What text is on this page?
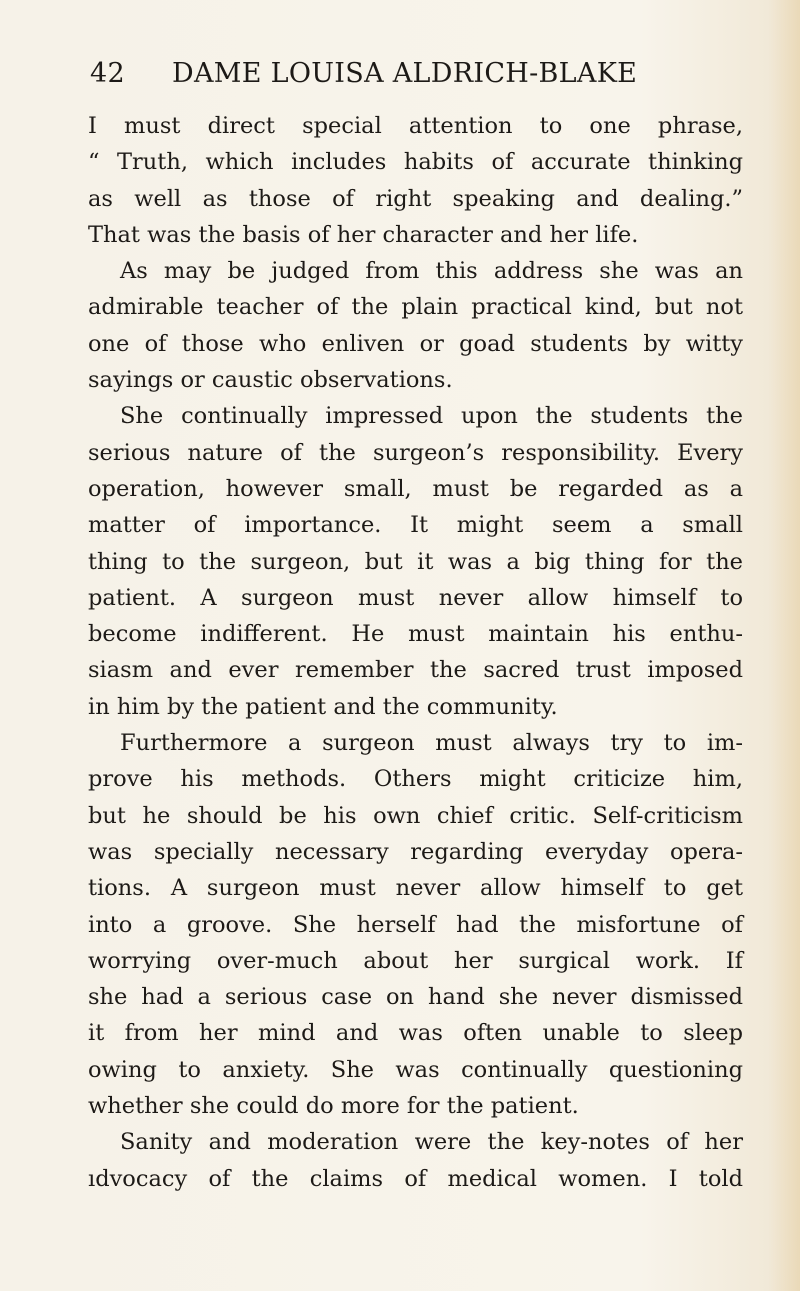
42 DAME LOUISA ALDRICH-BLAKE
I must direct special attention to one phrase,
“ Truth, which includes habits of accurate thinking
as well as those of right speaking and dealing.”
That was the basis of her character and her life.
As may be judged from this address she was an
admirable teacher of the plain practical kind, but not
one of those who enliven or goad students by witty
sayings or caustic observations.
She continually impressed upon the students the
serious nature of the surgeon’s responsibility. Every
operation, however small, must be regarded as a
matter of importance. It might seem a small
thing to the surgeon, but it was a big thing for the
patient. A surgeon must never allow himself to
become indifferent. He must maintain his enthu-
siasm and ever remember the sacred trust imposed
in him by the patient and the community.
Furthermore a surgeon must always try to im-
prove his methods. Others might criticize him,
but he should be his own chief critic. Self-criticism
was specially necessary regarding everyday opera-
tions. A surgeon must never allow himself to get
into a groove. She herself had the misfortune of
worrying over-much about her surgical work. If
she had a serious case on hand she never dismissed
it from her mind and was often unable to sleep
owing to anxiety. She was continually questioning
whether she could do more for the patient.
Sanity and moderation were the key-notes of her
ıdvocacy of the claims of medical women. I told
